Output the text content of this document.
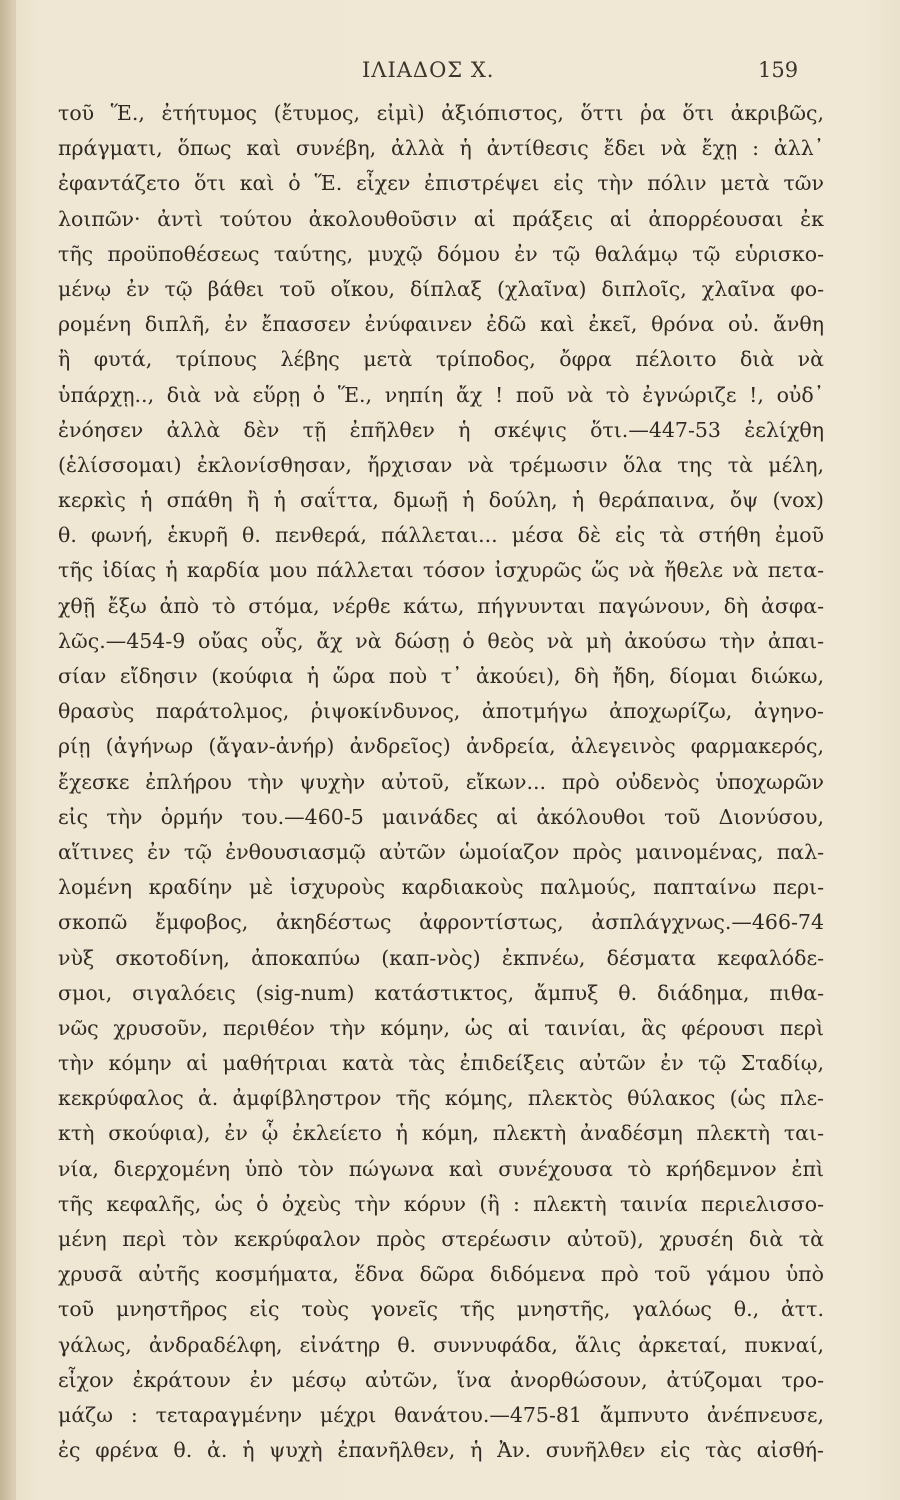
ΙΛΙΑΔΟΣ Χ.	159
τοῦ Ἕ., ἐτήτυμος (ἔτυμος, εἰμὶ) ἀξιόπιστος, ὅττι ῥα ὅτι ἀκριβῶς,
πράγματι, ὅπως καὶ συνέβη, ἀλλὰ ἡ ἀντίθεσις ἔδει νὰ ἔχῃ : ἀλλ᾽
ἐφαντάζετο ὅτι καὶ ὁ Ἕ. εἶχεν ἐπιστρέψει εἰς τὴν πόλιν μετὰ τῶν
λοιπῶν· ἀντὶ τούτου ἀκολουθοῦσιν αἱ πράξεις αἱ ἀπορρέουσαι ἐκ
τῆς προϋποθέσεως ταύτης, μυχῷ δόμου ἐν τῷ θαλάμῳ τῷ εὑρισκο-
μένῳ ἐν τῷ βάθει τοῦ οἴκου, δίπλαξ (χλαῖνα) διπλοῖς, χλαῖνα φο-
ρομένη διπλῆ, ἐν ἔπασσεν ἐνύφαινεν ἐδῶ καὶ ἐκεῖ, θρόνα οὐ. ἄνθη
ἢ φυτά, τρίπους λέβης μετὰ τρίποδος, ὄφρα πέλοιτο διὰ νὰ
ὑπάρχῃ.., διὰ νὰ εὕρῃ ὁ Ἕ., νηπίη ἄχ ! ποῦ νὰ τὸ ἐγνώριζε !, οὐδ᾽
ἐνόησεν ἀλλὰ δὲν τῇ ἐπῆλθεν ἡ σκέψις ὅτι.—447-53 ἐελίχθη
(ἑλίσσομαι) ἐκλονίσθησαν, ἤρχισαν νὰ τρέμωσιν ὅλα της τὰ μέλη,
κερκὶς ἡ σπάθη ἢ ἡ σαΐττα, δμωῇ ἡ δούλη, ἡ θεράπαινα, ὄψ (vox)
θ. φωνή, ἑκυρῆ θ. πενθερά, πάλλεται... μέσα δὲ εἰς τὰ στήθη ἐμοῦ
τῆς ἰδίας ἡ καρδία μου πάλλεται τόσον ἰσχυρῶς ὥς νὰ ἤθελε νὰ πετα-
χθῇ ἔξω ἀπὸ τὸ στόμα, νέρθε κάτω, πήγνυνται παγώνουν, δὴ ἀσφα-
λῶς.—454-9 οὔας οὖς, ἄχ νὰ δώσῃ ὁ θεὸς νὰ μὴ ἀκούσω τὴν ἀπαι-
σίαν εἴδησιν (κούφια ἡ ὥρα ποὺ τ᾽ ἀκούει), δὴ ἤδη, δίομαι διώκω,
θρασὺς παράτολμος, ῥιψοκίνδυνος, ἀποτμήγω ἀποχωρίζω, ἀγηνο-
ρίῃ (ἀγήνωρ (ἄγαν-ἀνήρ) ἀνδρεῖος) ἀνδρεία, ἀλεγεινὸς φαρμακερός,
ἔχεσκε ἐπλήρου τὴν ψυχὴν αὐτοῦ, εἴκων... πρὸ οὐδενὸς ὑποχωρῶν
εἰς τὴν ὁρμήν του.—460-5 μαινάδες αἱ ἀκόλουθοι τοῦ Διονύσου,
αἵτινες ἐν τῷ ἐνθουσιασμῷ αὐτῶν ὡμοίαζον πρὸς μαινομένας, παλ-
λομένη κραδίην μὲ ἰσχυροὺς καρδιακοὺς παλμούς, παπταίνω περι-
σκοπῶ ἔμφοβος, ἀκηδέστως ἀφροντίστως, ἀσπλάγχνως.—466-74
νὺξ σκοτοδίνη, ἀποκαπύω (καπ-νὸς) ἐκπνέω, δέσματα κεφαλόδε-
σμοι, σιγαλόεις (sig-num) κατάστικτος, ἄμπυξ θ. διάδημα, πιθα-
νῶς χρυσοῦν, περιθέον τὴν κόμην, ὡς αἱ ταινίαι, ἃς φέρουσι περὶ
τὴν κόμην αἱ μαθήτριαι κατὰ τὰς ἐπιδείξεις αὐτῶν ἐν τῷ Σταδίῳ,
κεκρύφαλος ἀ. ἀμφίβληστρον τῆς κόμης, πλεκτὸς θύλακος (ὡς πλε-
κτὴ σκούφια), ἐν ᾧ ἐκλείετο ἡ κόμη, πλεκτὴ ἀναδέσμη πλεκτὴ ται-
νία, διερχομένη ὑπὸ τὸν πώγωνα καὶ συνέχουσα τὸ κρήδεμνον ἐπὶ
τῆς κεφαλῆς, ὡς ὁ ὀχεὺς τὴν κόρυν (ἢ : πλεκτὴ ταινία περιελισσο-
μένη περὶ τὸν κεκρύφαλον πρὸς στερέωσιν αὐτοῦ), χρυσέη διὰ τὰ
χρυσᾶ αὐτῆς κοσμήματα, ἕδνα δῶρα διδόμενα πρὸ τοῦ γάμου ὑπὸ
τοῦ μνηστῆρος εἰς τοὺς γονεῖς τῆς μνηστῆς, γαλόως θ., ἀττ.
γάλως, ἀνδραδέλφη, εἰνάτηρ θ. συννυφάδα, ἅλις ἀρκεταί, πυκναί,
εἶχον ἐκράτουν ἐν μέσῳ αὐτῶν, ἵνα ἀνορθώσουν, ἀτύζομαι τρο-
μάζω : τεταραγμένην μέχρι θανάτου.—475-81 ἄμπνυτο ἀνέπνευσε,
ἐς φρένα θ. ἀ. ἡ ψυχὴ ἐπανῆλθεν, ἡ Ἀν. συνῆλθεν εἰς τὰς αἰσθή-
